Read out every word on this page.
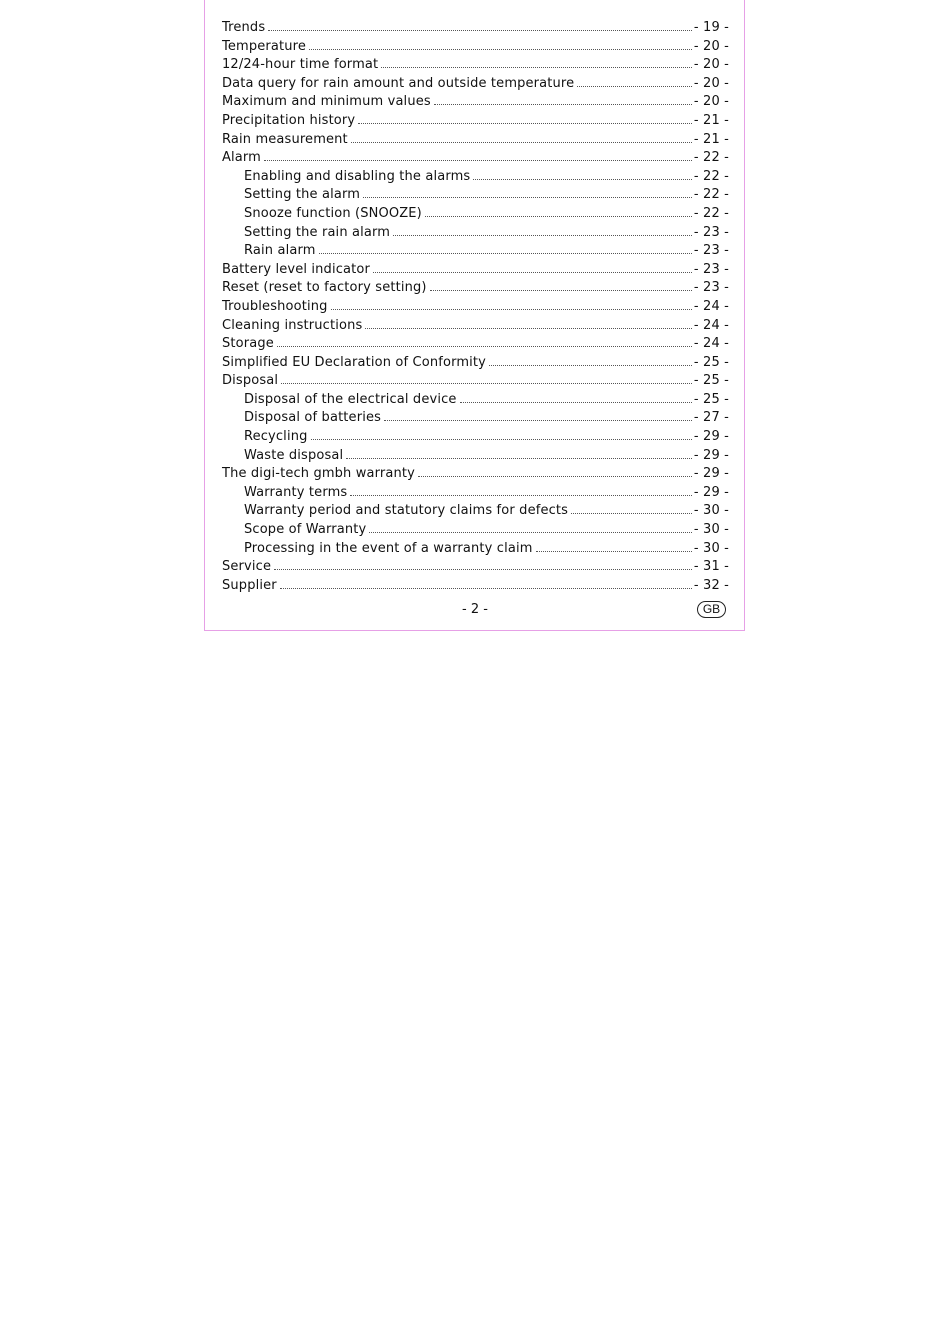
Trends	- 19 -
Temperature	- 20 -
12/24-hour time format	- 20 -
Data query for rain amount and outside temperature	- 20 -
Maximum and minimum values	- 20 -
Precipitation history	- 21 -
Rain measurement	- 21 -
Alarm	- 22 -
Enabling and disabling the alarms	- 22 -
Setting the alarm	- 22 -
Snooze function (SNOOZE)	- 22 -
Setting the rain alarm	- 23 -
Rain alarm	- 23 -
Battery level indicator	- 23 -
Reset (reset to factory setting)	- 23 -
Troubleshooting	- 24 -
Cleaning instructions	- 24 -
Storage	- 24 -
Simplified EU Declaration of Conformity	- 25 -
Disposal	- 25 -
Disposal of the electrical device	- 25 -
Disposal of batteries	- 27 -
Recycling	- 29 -
Waste disposal	- 29 -
The digi-tech gmbh warranty	- 29 -
Warranty terms	- 29 -
Warranty period and statutory claims for defects	- 30 -
Scope of Warranty	- 30 -
Processing in the event of a warranty claim	- 30 -
Service	- 31 -
Supplier	- 32 -
- 2 -	GB
